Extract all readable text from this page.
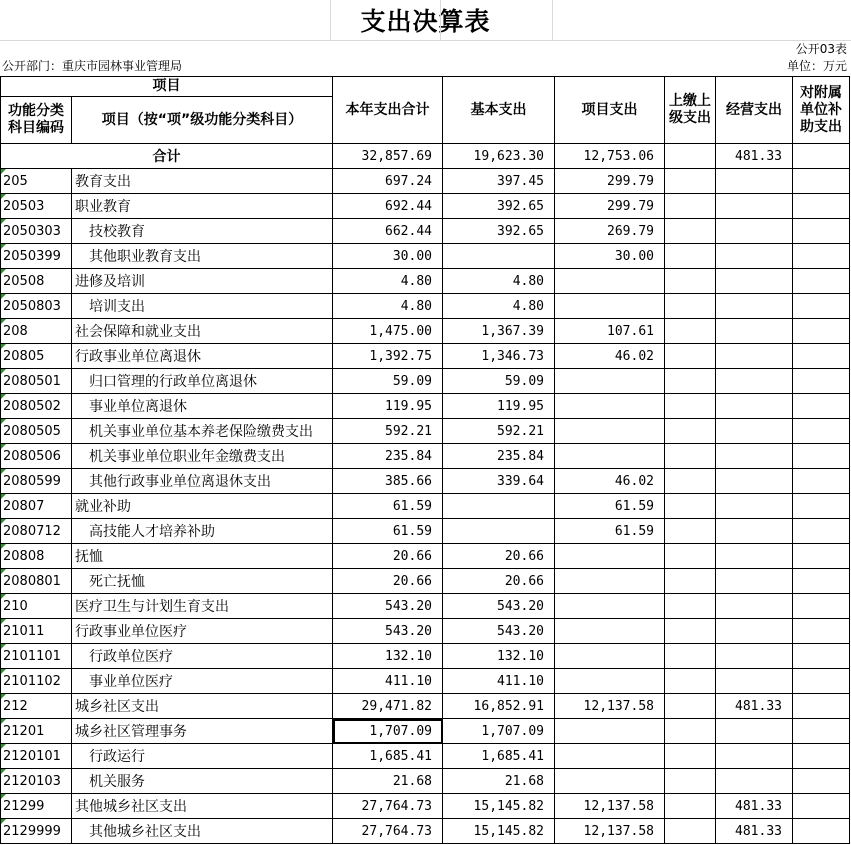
支出决算表
公开03表
公开部门：重庆市园林事业管理局	单位：万元
项目		本年支出合计	基本支出	项目支出	上缴上级支出	经营支出	对附属单位补助支出
功能分类科目编码	项目（按“项”级功能分类科目）						
合计		32,857.69	19,623.30	12,753.06		481.33	
205	教育支出	697.24	397.45	299.79			
20503	职业教育	692.44	392.65	299.79			
2050303	技校教育	662.44	392.65	269.79			
2050399	其他职业教育支出	30.00		30.00			
20508	进修及培训	4.80	4.80				
2050803	培训支出	4.80	4.80				
208	社会保障和就业支出	1,475.00	1,367.39	107.61			
20805	行政事业单位离退休	1,392.75	1,346.73	46.02			
2080501	归口管理的行政单位离退休	59.09	59.09				
2080502	事业单位离退休	119.95	119.95				
2080505	机关事业单位基本养老保险缴费支出	592.21	592.21				
2080506	机关事业单位职业年金缴费支出	235.84	235.84				
2080599	其他行政事业单位离退休支出	385.66	339.64	46.02			
20807	就业补助	61.59		61.59			
2080712	高技能人才培养补助	61.59		61.59			
20808	抚恤	20.66	20.66				
2080801	死亡抚恤	20.66	20.66				
210	医疗卫生与计划生育支出	543.20	543.20				
21011	行政事业单位医疗	543.20	543.20				
2101101	行政单位医疗	132.10	132.10				
2101102	事业单位医疗	411.10	411.10				
212	城乡社区支出	29,471.82	16,852.91	12,137.58		481.33	
21201	城乡社区管理事务	1,707.09	1,707.09				
2120101	行政运行	1,685.41	1,685.41				
2120103	机关服务	21.68	21.68				
21299	其他城乡社区支出	27,764.73	15,145.82	12,137.58		481.33	
2129999	其他城乡社区支出	27,764.73	15,145.82	12,137.58		481.33	
